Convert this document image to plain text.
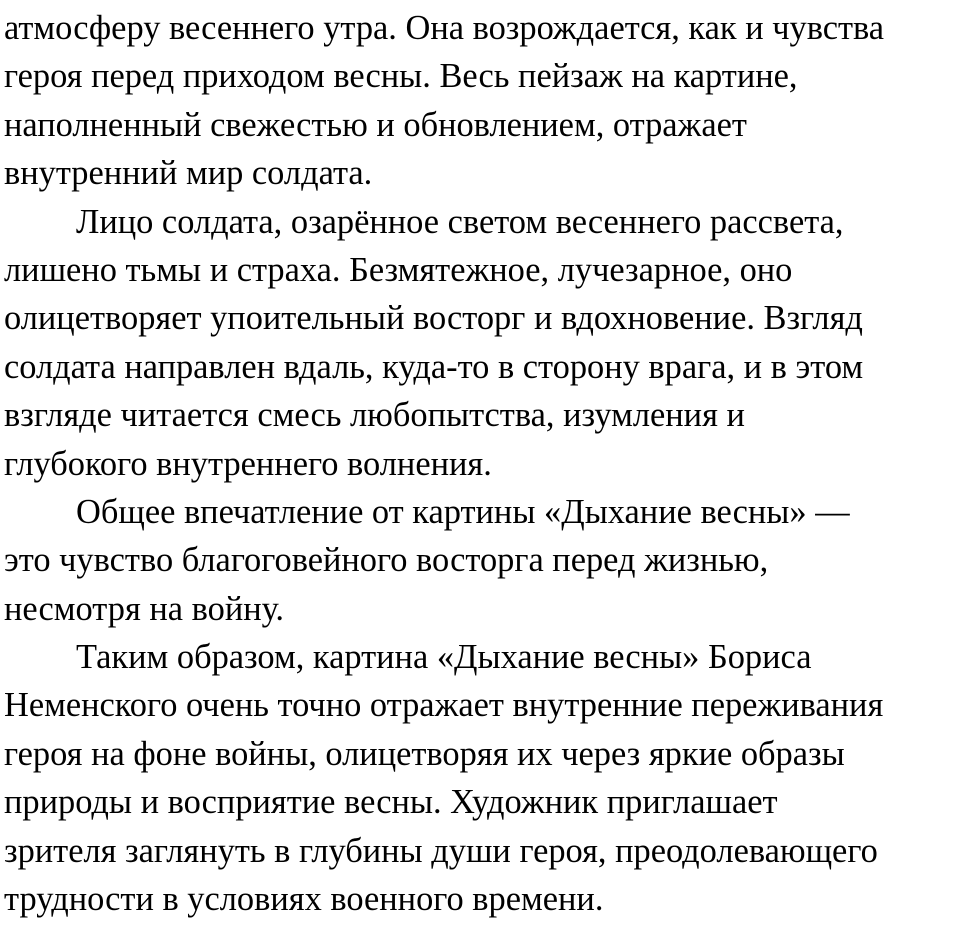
атмосферу весеннего утра. Она возрождается, как и чувства
героя перед приходом весны. Весь пейзаж на картине,
наполненный свежестью и обновлением, отражает
внутренний мир солдата.
Лицо солдата, озарённое светом весеннего рассвета,
лишено тьмы и страха. Безмятежное, лучезарное, оно
олицетворяет упоительный восторг и вдохновение. Взгляд
солдата направлен вдаль, куда-то в сторону врага, и в этом
взгляде читается смесь любопытства, изумления и
глубокого внутреннего волнения.
Общее впечатление от картины «Дыхание весны» —
это чувство благоговейного восторга перед жизнью,
несмотря на войну.
Таким образом, картина «Дыхание весны» Бориса
Неменского очень точно отражает внутренние переживания
героя на фоне войны, олицетворяя их через яркие образы
природы и восприятие весны. Художник приглашает
зрителя заглянуть в глубины души героя, преодолевающего
трудности в условиях военного времени.
